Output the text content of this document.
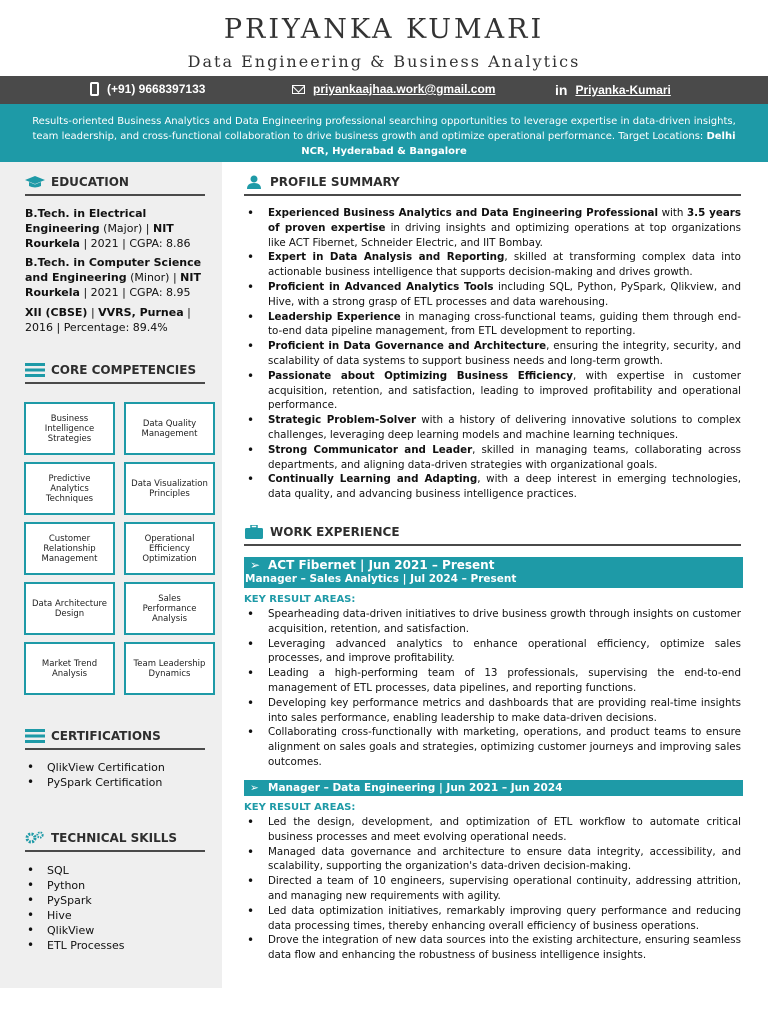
PRIYANKA KUMARI
Data Engineering & Business Analytics
(+91) 9668397133	priyankaajhaa.work@gmail.com	in Priyanka-Kumari
Results-oriented Business Analytics and Data Engineering professional searching opportunities to leverage expertise in data-driven insights, team leadership, and cross-functional collaboration to drive business growth and optimize operational performance. Target Locations: Delhi NCR, Hyderabad & Bangalore
EDUCATION
B.Tech. in Electrical Engineering (Major) | NIT Rourkela | 2021 | CGPA: 8.86
B.Tech. in Computer Science and Engineering (Minor) | NIT Rourkela | 2021 | CGPA: 8.95
XII (CBSE) | VVRS, Purnea | 2016 | Percentage: 89.4%
CORE COMPETENCIES
Business Intelligence Strategies
Data Quality Management
Predictive Analytics Techniques
Data Visualization Principles
Customer Relationship Management
Operational Efficiency Optimization
Data Architecture Design
Sales Performance Analysis
Market Trend Analysis
Team Leadership Dynamics
CERTIFICATIONS
• QlikView Certification
• PySpark Certification
TECHNICAL SKILLS
• SQL
• Python
• PySpark
• Hive
• QlikView
• ETL Processes
PROFILE SUMMARY
• Experienced Business Analytics and Data Engineering Professional with 3.5 years of proven expertise in driving insights and optimizing operations at top organizations like ACT Fibernet, Schneider Electric, and IIT Bombay.
• Expert in Data Analysis and Reporting, skilled at transforming complex data into actionable business intelligence that supports decision-making and drives growth.
• Proficient in Advanced Analytics Tools including SQL, Python, PySpark, Qlikview, and Hive, with a strong grasp of ETL processes and data warehousing.
• Leadership Experience in managing cross-functional teams, guiding them through end-to-end data pipeline management, from ETL development to reporting.
• Proficient in Data Governance and Architecture, ensuring the integrity, security, and scalability of data systems to support business needs and long-term growth.
• Passionate about Optimizing Business Efficiency, with expertise in customer acquisition, retention, and satisfaction, leading to improved profitability and operational performance.
• Strategic Problem-Solver with a history of delivering innovative solutions to complex challenges, leveraging deep learning models and machine learning techniques.
• Strong Communicator and Leader, skilled in managing teams, collaborating across departments, and aligning data-driven strategies with organizational goals.
• Continually Learning and Adapting, with a deep interest in emerging technologies, data quality, and advancing business intelligence practices.
WORK EXPERIENCE
➢ ACT Fibernet | Jun 2021 – Present
Manager – Sales Analytics | Jul 2024 – Present
KEY RESULT AREAS:
• Spearheading data-driven initiatives to drive business growth through insights on customer acquisition, retention, and satisfaction.
• Leveraging advanced analytics to enhance operational efficiency, optimize sales processes, and improve profitability.
• Leading a high-performing team of 13 professionals, supervising the end-to-end management of ETL processes, data pipelines, and reporting functions.
• Developing key performance metrics and dashboards that are providing real-time insights into sales performance, enabling leadership to make data-driven decisions.
• Collaborating cross-functionally with marketing, operations, and product teams to ensure alignment on sales goals and strategies, optimizing customer journeys and improving sales outcomes.
➢ Manager – Data Engineering | Jun 2021 – Jun 2024
KEY RESULT AREAS:
• Led the design, development, and optimization of ETL workflow to automate critical business processes and meet evolving operational needs.
• Managed data governance and architecture to ensure data integrity, accessibility, and scalability, supporting the organization's data-driven decision-making.
• Directed a team of 10 engineers, supervising operational continuity, addressing attrition, and managing new requirements with agility.
• Led data optimization initiatives, remarkably improving query performance and reducing data processing times, thereby enhancing overall efficiency of business operations.
• Drove the integration of new data sources into the existing architecture, ensuring seamless data flow and enhancing the robustness of business intelligence insights.
